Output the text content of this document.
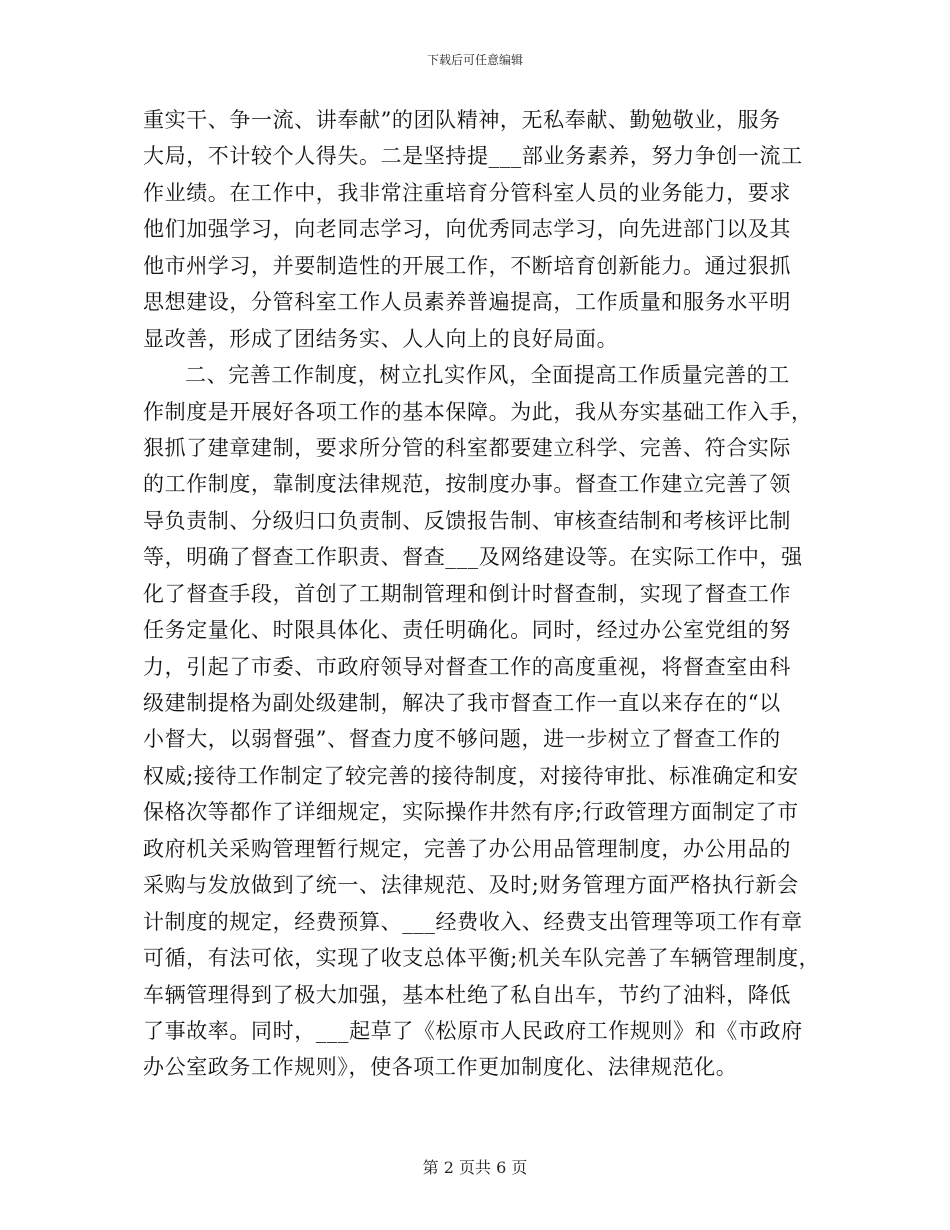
下载后可任意编辑
重实干、争一流、讲奉献”的团队精神，无私奉献、勤勉敬业，服务
大局，不计较个人得失。二是坚持提___部业务素养，努力争创一流工
作业绩。在工作中，我非常注重培育分管科室人员的业务能力，要求
他们加强学习，向老同志学习，向优秀同志学习，向先进部门以及其
他市州学习，并要制造性的开展工作，不断培育创新能力。通过狠抓
思想建设，分管科室工作人员素养普遍提高，工作质量和服务水平明
显改善，形成了团结务实、人人向上的良好局面。
二、完善工作制度，树立扎实作风，全面提高工作质量完善的工
作制度是开展好各项工作的基本保障。为此，我从夯实基础工作入手，
狠抓了建章建制，要求所分管的科室都要建立科学、完善、符合实际
的工作制度，靠制度法律规范，按制度办事。督查工作建立完善了领
导负责制、分级归口负责制、反馈报告制、审核查结制和考核评比制
等，明确了督查工作职责、督查___及网络建设等。在实际工作中，强
化了督查手段，首创了工期制管理和倒计时督查制，实现了督查工作
任务定量化、时限具体化、责任明确化。同时，经过办公室党组的努
力，引起了市委、市政府领导对督查工作的高度重视，将督查室由科
级建制提格为副处级建制，解决了我市督查工作一直以来存在的“以
小督大，以弱督强”、督查力度不够问题，进一步树立了督查工作的
权威;接待工作制定了较完善的接待制度，对接待审批、标准确定和安
保格次等都作了详细规定，实际操作井然有序;行政管理方面制定了市
政府机关采购管理暂行规定，完善了办公用品管理制度，办公用品的
采购与发放做到了统一、法律规范、及时;财务管理方面严格执行新会
计制度的规定，经费预算、___经费收入、经费支出管理等项工作有章
可循，有法可依，实现了收支总体平衡;机关车队完善了车辆管理制度，
车辆管理得到了极大加强，基本杜绝了私自出车，节约了油料，降低
了事故率。同时，___起草了《松原市人民政府工作规则》和《市政府
办公室政务工作规则》，使各项工作更加制度化、法律规范化。
第 2 页共 6 页
